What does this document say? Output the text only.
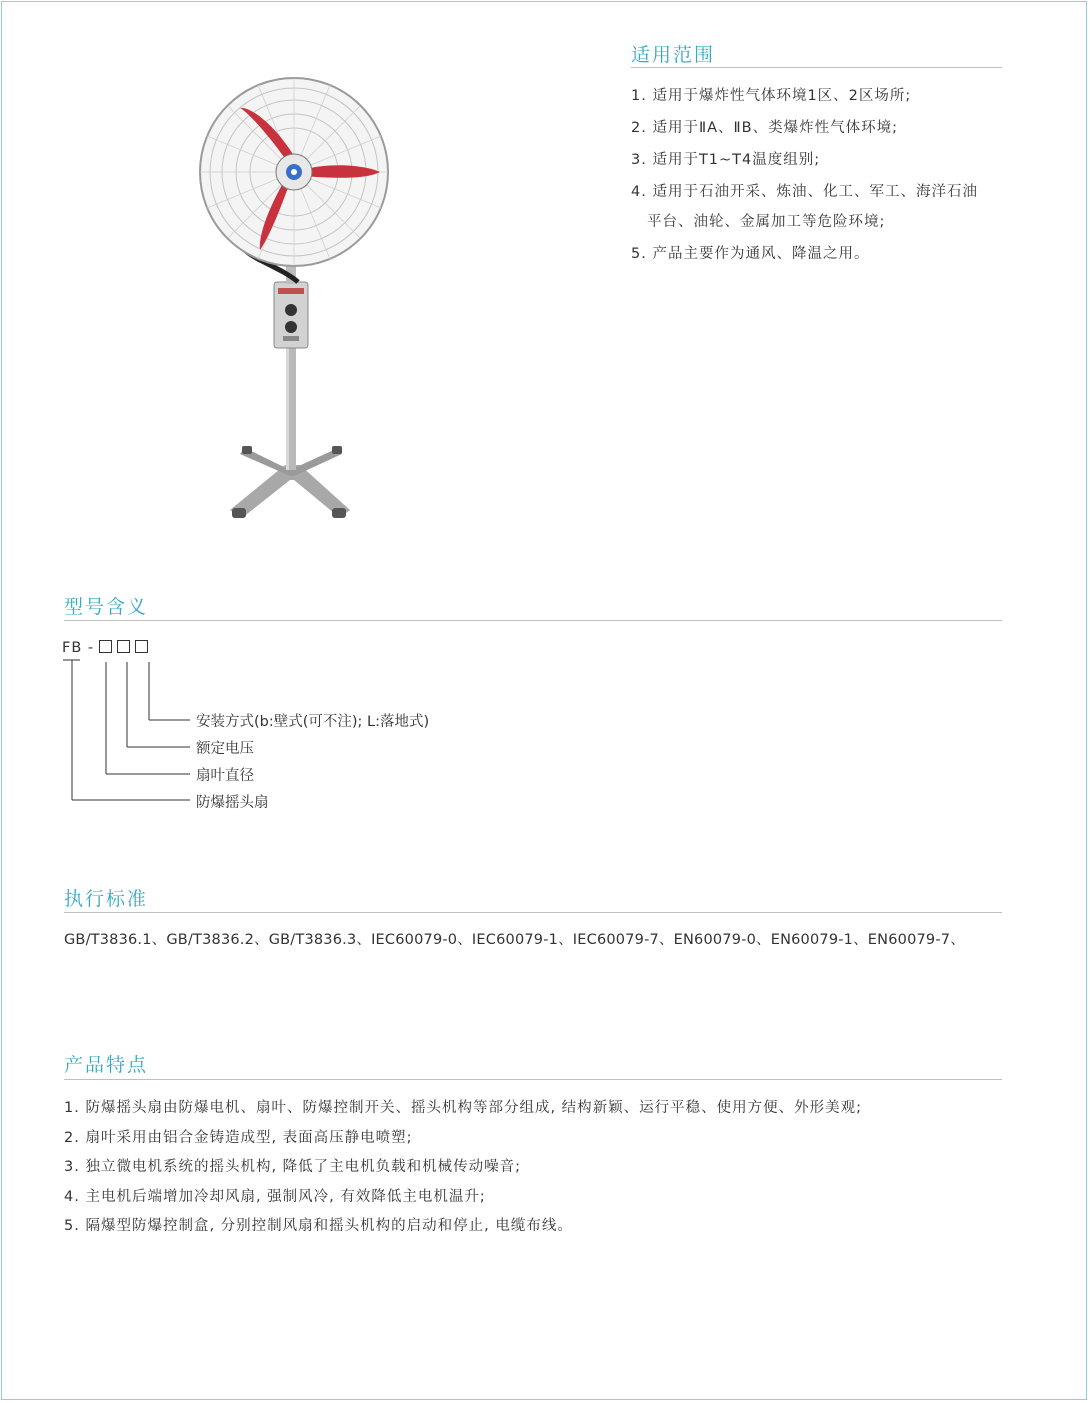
适用范围
1. 适用于爆炸性气体环境1区、2区场所;
2. 适用于ⅡA、ⅡB、类爆炸性气体环境;
3. 适用于T1~T4温度组别;
4. 适用于石油开采、炼油、化工、军工、海洋石油
平台、油轮、金属加工等危险环境;
5. 产品主要作为通风、降温之用。
型号含义
FB -
安装方式(b:壁式(可不注); L:落地式)
额定电压
扇叶直径
防爆摇头扇
执行标准
GB/T3836.1、GB/T3836.2、GB/T3836.3、IEC60079-0、IEC60079-1、IEC60079-7、EN60079-0、EN60079-1、EN60079-7、
产品特点
1. 防爆摇头扇由防爆电机、扇叶、防爆控制开关、摇头机构等部分组成, 结构新颖、运行平稳、使用方便、外形美观;
2. 扇叶采用由铝合金铸造成型, 表面高压静电喷塑;
3. 独立微电机系统的摇头机构, 降低了主电机负载和机械传动噪音;
4. 主电机后端增加冷却风扇, 强制风冷, 有效降低主电机温升;
5. 隔爆型防爆控制盒, 分别控制风扇和摇头机构的启动和停止, 电缆布线。
